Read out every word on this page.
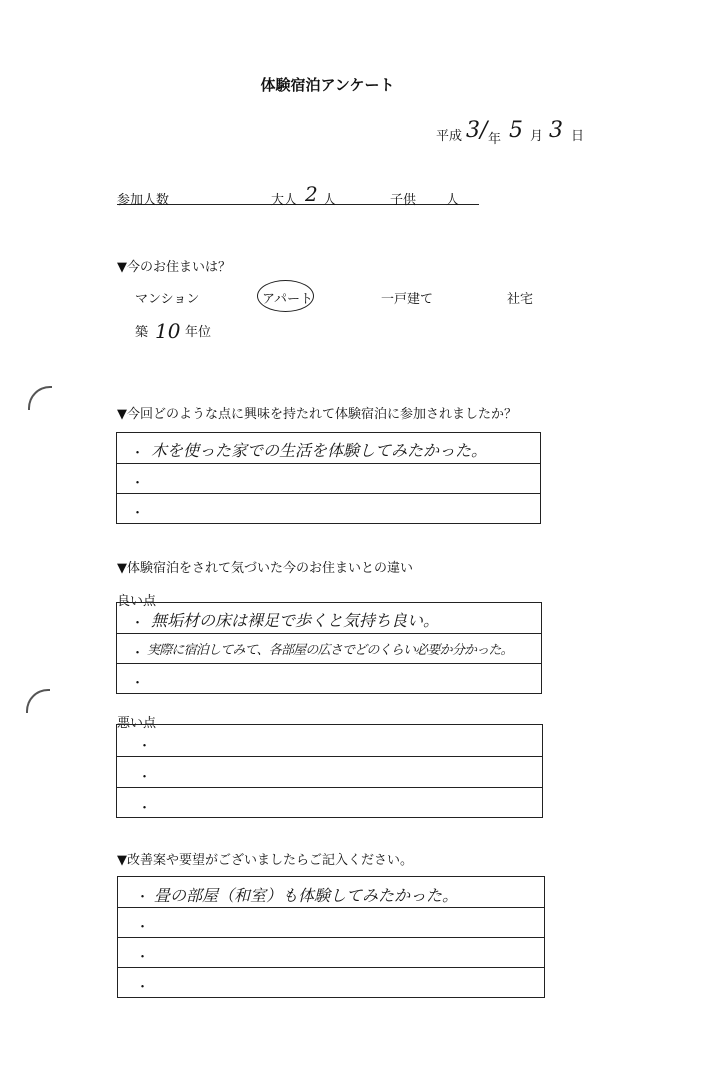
体験宿泊アンケート
平成 3/ 年 5 月 3 日
参加人数	大人 2 人	子供 人
▼今のお住まいは？
マンション	アパート	一戸建て	社宅
築 10 年位
▼今回どのような点に興味を持たれて体験宿泊に参加されましたか？
・ 木を使った家での生活を体験してみたかった。
・
・
▼体験宿泊をされて気づいた今のお住まいとの違い
良い点
・ 無垢材の床は裸足で歩くと気持ち良い。
・ 実際に宿泊してみて、各部屋の広さでどのくらい必要か分かった。
・
悪い点
・
・
・
▼改善案や要望がございましたらご記入ください。
・ 畳の部屋（和室）も体験してみたかった。
・
・
・
